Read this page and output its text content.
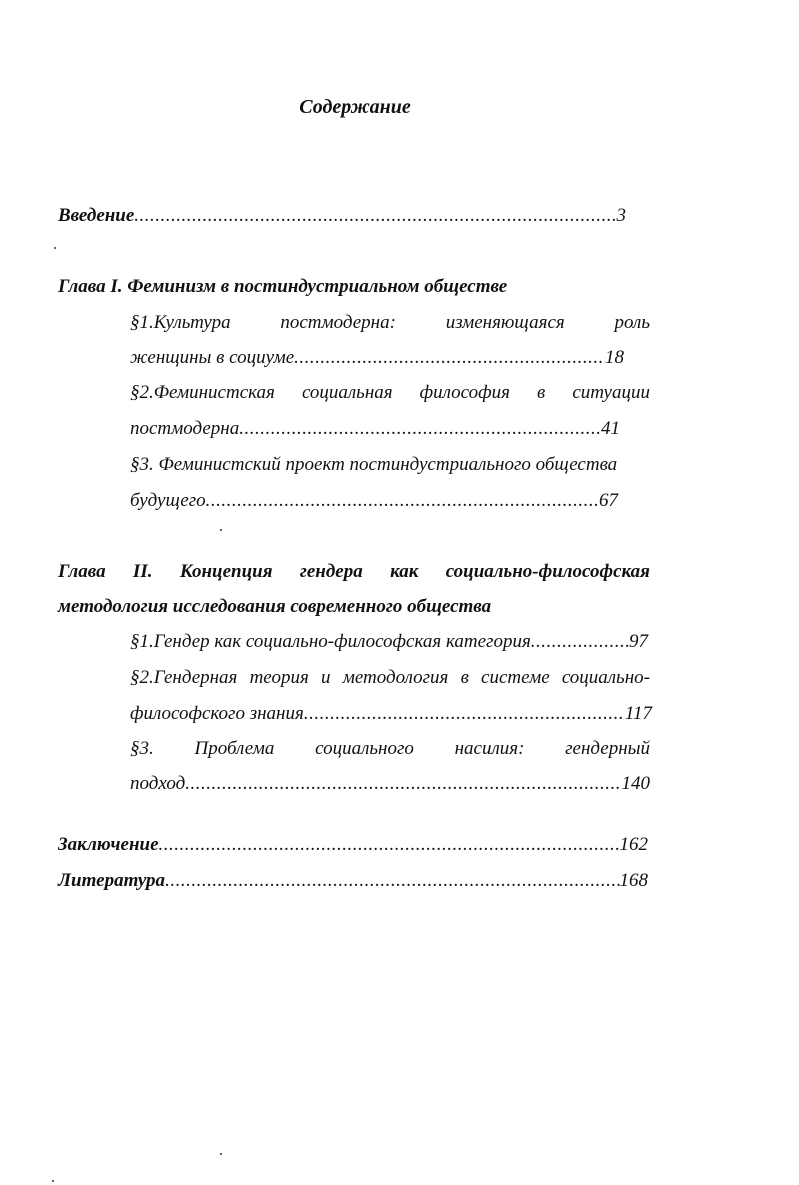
Содержание
Введение .....	3
Глава I. Феминизм в постиндустриальном обществе
§1.Культура	постмодерна:	изменяющаяся	роль
женщины в социуме .....	18
§2.Феминистская социальная философия в ситуации
постмодерна .....	41
§3. Феминистский проект постиндустриального общества
будущего .....	67
Глава II. Концепция гендера как социально-философская
методология исследования современного общества
§1.Гендер как социально-философская категория .....	97
§2.Гендерная теория и методология в системе социально-
философского знания .....	117
§3. Проблема социального насилия: гендерный
подход .....	140
Заключение .....	162
Литература .....	168
